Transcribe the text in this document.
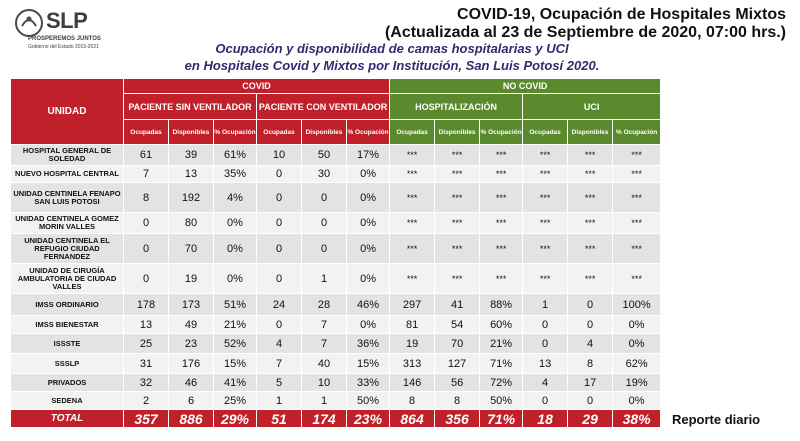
SLP
PROSPEREMOS JUNTOS
Gobierno del Estado 2015-2021
COVID-19, Ocupación de Hospitales Mixtos
(Actualizada al 23 de Septiembre de 2020, 07:00 hrs.)
Ocupación y disponibilidad de camas hospitalarias y UCI
en Hospitales Covid y Mixtos por Institución, San Luis Potosí 2020.
UNIDAD	COVID						NO COVID					
	PACIENTE SIN VENTILADOR			PACIENTE CON VENTILADOR			HOSPITALIZACIÓN			UCI		
	Ocupadas	Disponibles	% Ocupación	Ocupadas	Disponibles	% Ocupación	Ocupadas	Disponibles	% Ocupación	Ocupadas	Disponibles	% Ocupación
HOSPITAL GENERAL DE SOLEDAD	61	39	61%	10	50	17%	***	***	***	***	***	***
NUEVO HOSPITAL CENTRAL	7	13	35%	0	30	0%	***	***	***	***	***	***
UNIDAD CENTINELA FENAPO SAN LUIS POTOSI	8	192	4%	0	0	0%	***	***	***	***	***	***
UNIDAD CENTINELA GOMEZ MORIN VALLES	0	80	0%	0	0	0%	***	***	***	***	***	***
UNIDAD CENTINELA EL REFUGIO CIUDAD FERNANDEZ	0	70	0%	0	0	0%	***	***	***	***	***	***
UNIDAD DE CIRUGÍA AMBULATORIA DE CIUDAD VALLES	0	19	0%	0	1	0%	***	***	***	***	***	***
IMSS ORDINARIO	178	173	51%	24	28	46%	297	41	88%	1	0	100%
IMSS BIENESTAR	13	49	21%	0	7	0%	81	54	60%	0	0	0%
ISSSTE	25	23	52%	4	7	36%	19	70	21%	0	4	0%
SSSLP	31	176	15%	7	40	15%	313	127	71%	13	8	62%
PRIVADOS	32	46	41%	5	10	33%	146	56	72%	4	17	19%
SEDENA	2	6	25%	1	1	50%	8	8	50%	0	0	0%
TOTAL	357	886	29%	51	174	23%	864	356	71%	18	29	38% Reporte diario
